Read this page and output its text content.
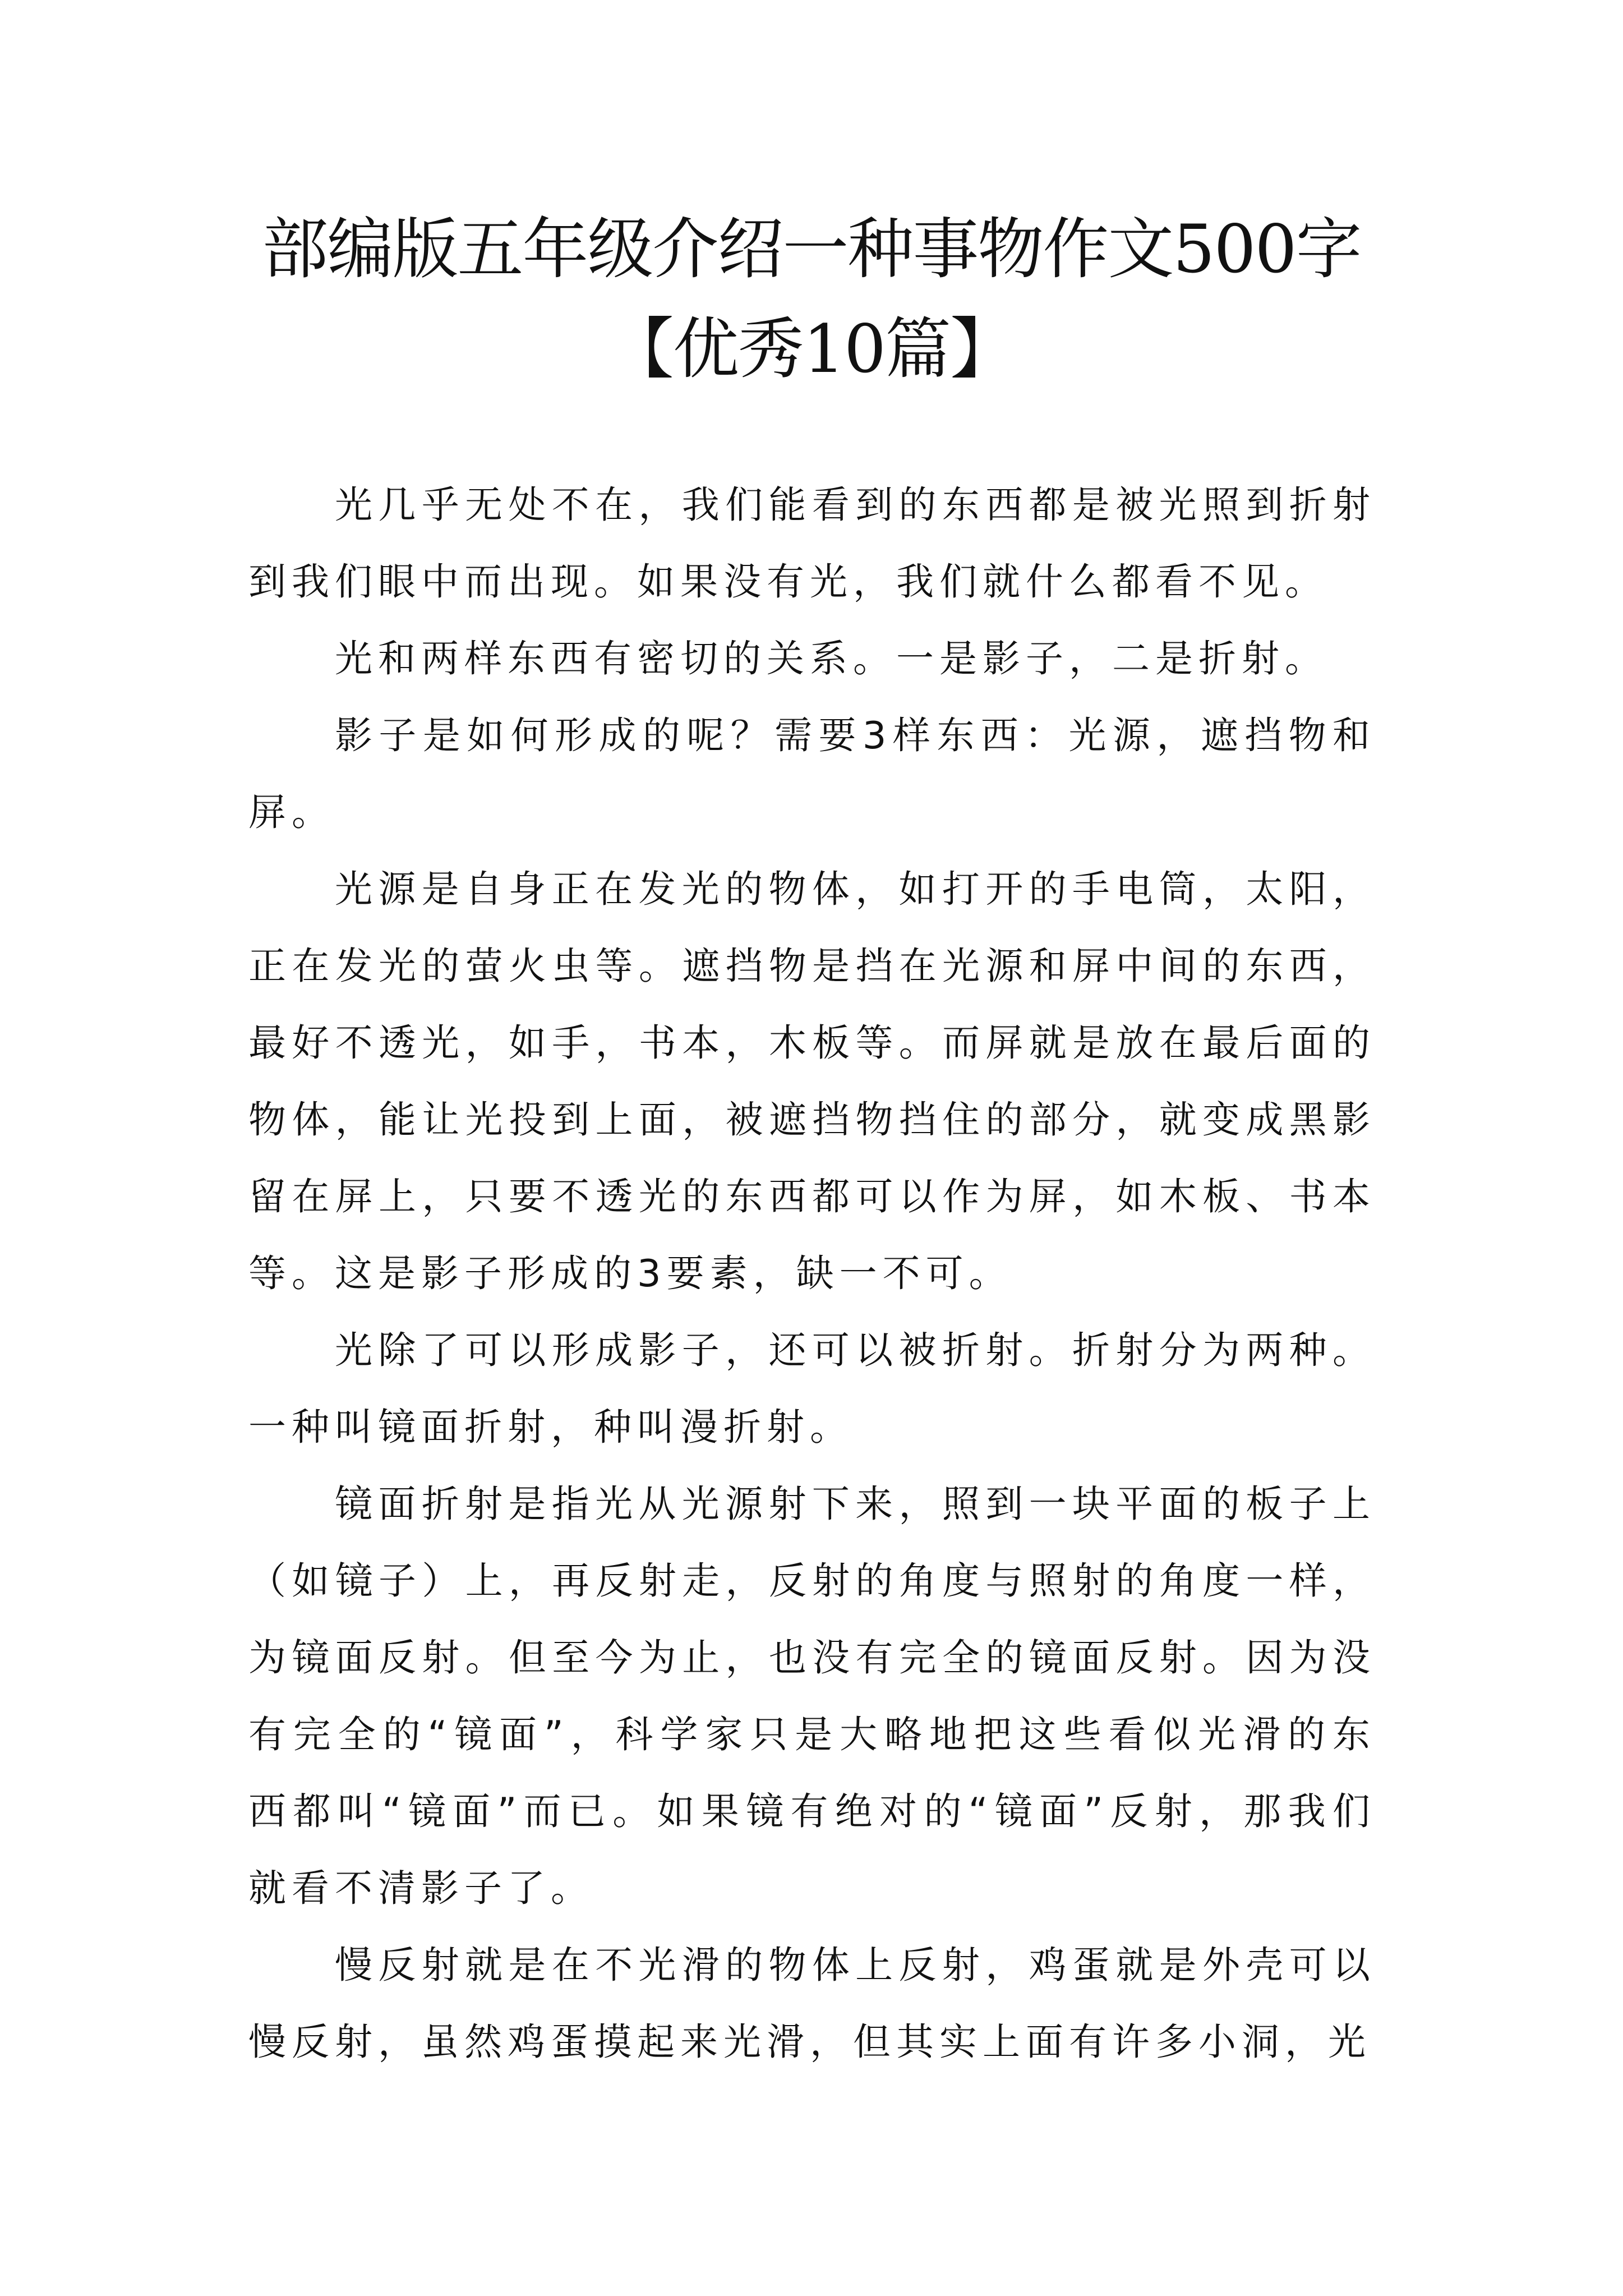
部编版五年级介绍一种事物作文500字【优秀10篇】

光几乎无处不在，我们能看到的东西都是被光照到折射到我们眼中而出现。如果没有光，我们就什么都看不见。

光和两样东西有密切的关系。一是影子，二是折射。

影子是如何形成的呢？需要3样东西：光源，遮挡物和屏。

光源是自身正在发光的物体，如打开的手电筒，太阳，正在发光的萤火虫等。遮挡物是挡在光源和屏中间的东西，最好不透光，如手，书本，木板等。而屏就是放在最后面的物体，能让光投到上面，被遮挡物挡住的部分，就变成黑影留在屏上，只要不透光的东西都可以作为屏，如木板、书本等。这是影子形成的3要素，缺一不可。

光除了可以形成影子，还可以被折射。折射分为两种。一种叫镜面折射，种叫漫折射。

镜面折射是指光从光源射下来，照到一块平面的板子上（如镜子）上，再反射走，反射的角度与照射的角度一样，为镜面反射。但至今为止，也没有完全的镜面反射。因为没有完全的“镜面”，科学家只是大略地把这些看似光滑的东西都叫“镜面”而已。如果镜有绝对的“镜面”反射，那我们就看不清影子了。

慢反射就是在不光滑的物体上反射，鸡蛋就是外壳可以慢反射，虽然鸡蛋摸起来光滑，但其实上面有许多小洞，光
